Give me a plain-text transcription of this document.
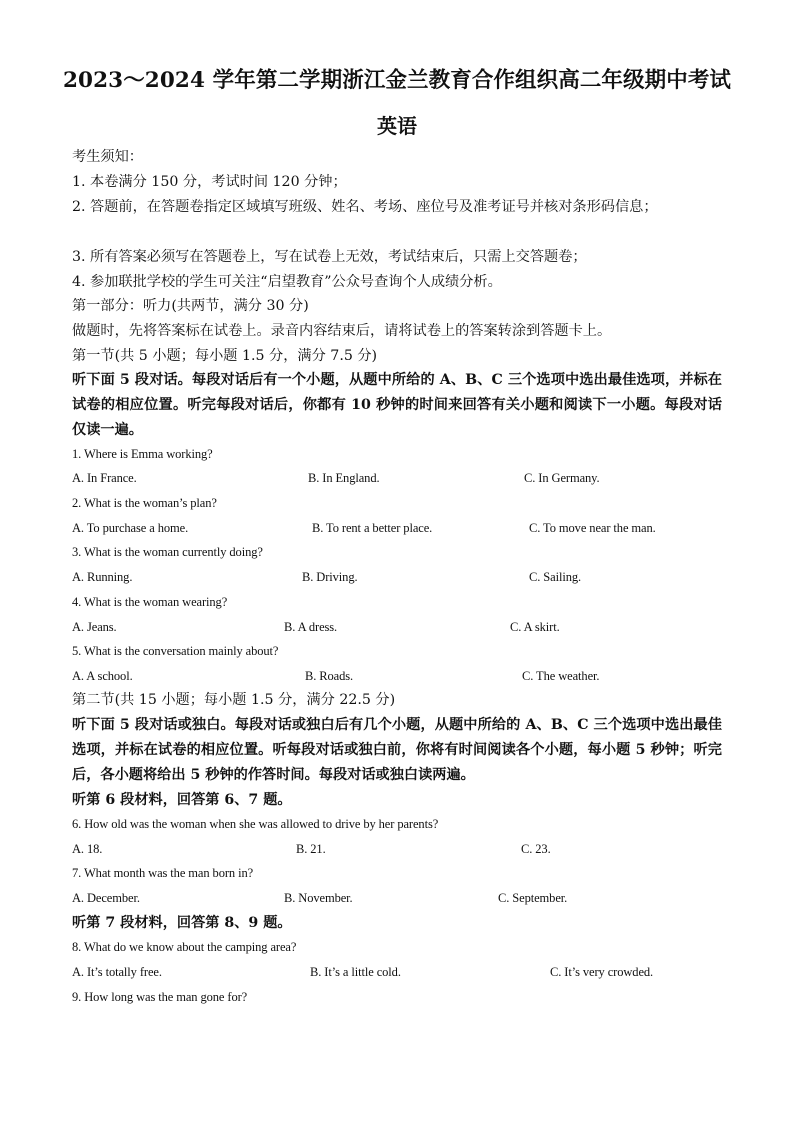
2023～2024 学年第二学期浙江金兰教育合作组织高二年级期中考试
英语
考生须知：
1. 本卷满分 150 分，考试时间 120 分钟；
2. 答题前，在答题卷指定区域填写班级、姓名、考场、座位号及准考证号并核对条形码信息；
3. 所有答案必须写在答题卷上，写在试卷上无效，考试结束后，只需上交答题卷；
4. 参加联批学校的学生可关注“启望教育”公众号查询个人成绩分析。
第一部分：听力(共两节，满分 30 分)
做题时，先将答案标在试卷上。录音内容结束后，请将试卷上的答案转涂到答题卡上。
第一节(共 5 小题；每小题 1.5 分，满分 7.5 分)
听下面 5 段对话。每段对话后有一个小题，从题中所给的 A、B、C 三个选项中选出最佳选项，并标在试卷的相应位置。听完每段对话后，你都有 10 秒钟的时间来回答有关小题和阅读下一小题。每段对话仅读一遍。
1. Where is Emma working?
A. In France.	B. In England.	C. In Germany.
2. What is the woman’s plan?
A. To purchase a home.	B. To rent a better place.	C. To move near the man.
3. What is the woman currently doing?
A. Running.	B. Driving.	C. Sailing.
4. What is the woman wearing?
A. Jeans.	B. A dress.	C. A skirt.
5. What is the conversation mainly about?
A. A school.	B. Roads.	C. The weather.
第二节(共 15 小题；每小题 1.5 分，满分 22.5 分)
听下面 5 段对话或独白。每段对话或独白后有几个小题，从题中所给的 A、B、C 三个选项中选出最佳选项，并标在试卷的相应位置。听每段对话或独白前，你将有时间阅读各个小题，每小题 5 秒钟；听完后，各小题将给出 5 秒钟的作答时间。每段对话或独白读两遍。
听第 6 段材料，回答第 6、7 题。
6. How old was the woman when she was allowed to drive by her parents?
A. 18.	B. 21.	C. 23.
7. What month was the man born in?
A. December.	B. November.	C. September.
听第 7 段材料，回答第 8、9 题。
8. What do we know about the camping area?
A. It’s totally free.	B. It’s a little cold.	C. It’s very crowded.
9. How long was the man gone for?
